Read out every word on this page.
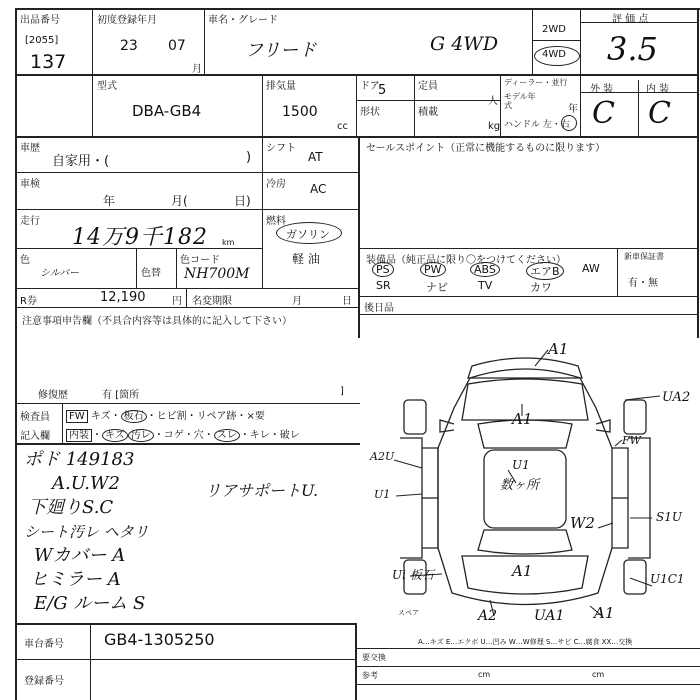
出品番号
[2055]
137
初度登録年月
23 07
月
車名・グレード
フリード	G 4WD
2WD
4WD
評 価 点
3.5
型式
DBA-GB4
排気量
1500
cc
ドア
5	定員
人
形状	積載
kg
ディーラー・並行
モデル年式	年
ハンドル 左・右
外 装	内 装
C C
車歴
自家用・(	)
シフト
AT
車検
年	月(	日)
冷房 AC
走行
14万9千182 km
燃料
ガソリン
軽 油
色
シルバー	色替
色コード
NH700M
R券	12,190	円 名変期限	月	日
注意事項申告欄（不具合内容等は具体的に記入して下さい）
修復歴	有 [箇所	]
検査員
記入欄
FW キズ・ 板石 ・ヒビ割・リペア跡・×要
内装 ・ キズ 汚レ ・コゲ・穴・ スレ ・キレ・破レ
ポド 149183
A.U.W2
下廻りS.C
シート汚レ ヘタリ
Wカバー A
ヒミラー A
E/G ルーム S
リアサポートU.
車台番号	GB4-1305250
登録番号
セールスポイント（正常に機能するものに限ります）
装備品（純正品に限り〇をつけてください）	新車保証書
有・無
PS	PW	ABS	エアB	AW
SR	ナビ	TV	カワ
後日品
A1
UA2
A1
FW
A2U
U1
U1
数ヶ所
W2	S1U
A1
Ui 板石	U1C1
スペア	A2	UA1 A1
A…キズ E…エクボ U…凹み W…W修理 S…サビ C…腐食 XX…交換
要交換
参考	cm	cm
